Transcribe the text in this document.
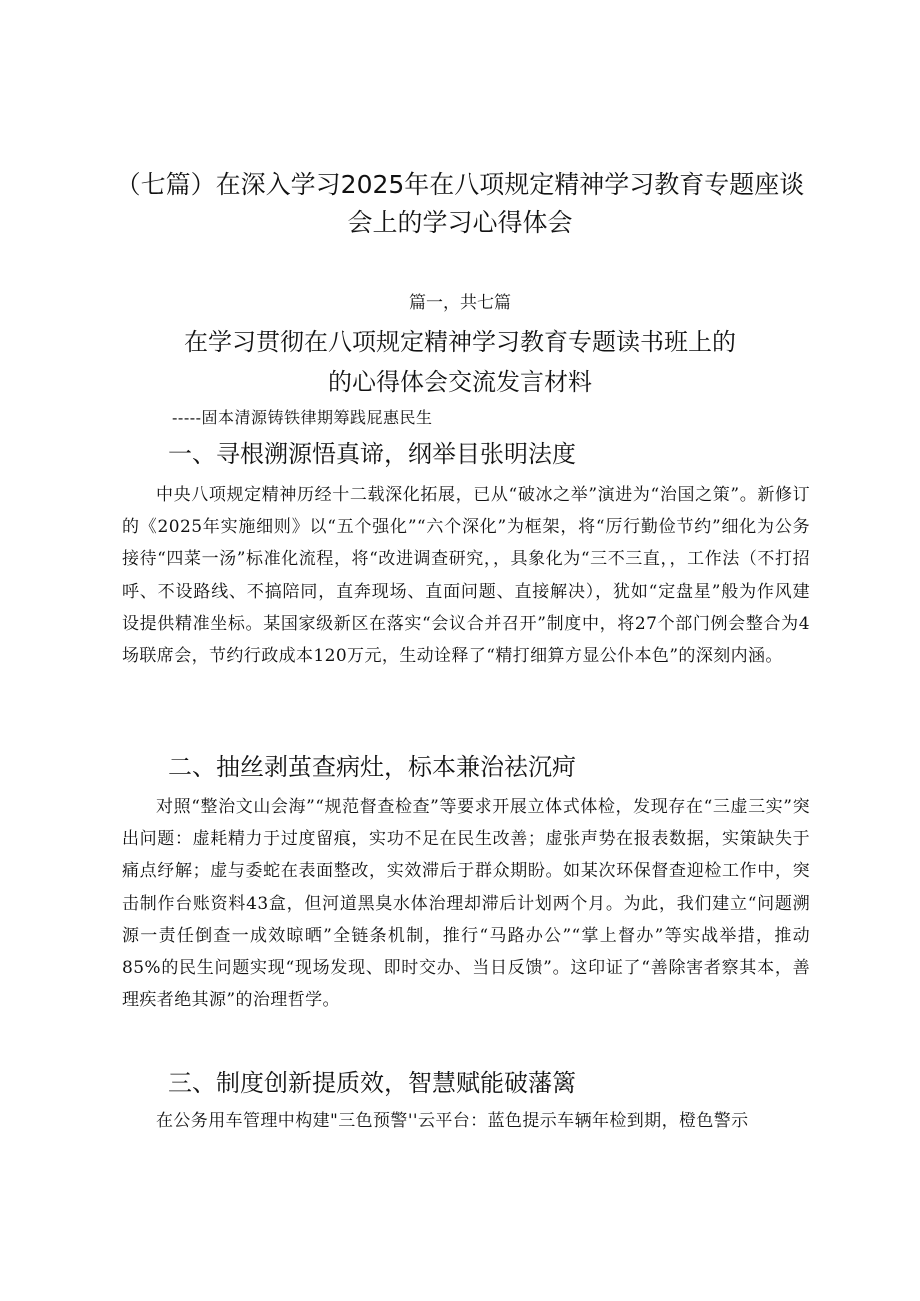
（七篇）在深入学习2025年在八项规定精神学习教育专题座谈
会上的学习心得体会
篇一，共七篇
在学习贯彻在八项规定精神学习教育专题读书班上的
的心得体会交流发言材料
-----固本清源铸铁律期筹践屁惠民生
一、寻根溯源悟真谛，纲举目张明法度
中央八项规定精神历经十二载深化拓展，已从“破冰之举”演进为“治国之策”。新修订的《2025年实施细则》以“五个强化”“六个深化”为框架，将“厉行勤俭节约”细化为公务接待“四菜一汤”标准化流程，将“改进调查研究，，具象化为“三不三直，，工作法（不打招呼、不设路线、不搞陪同，直奔现场、直面问题、直接解决），犹如“定盘星”般为作风建设提供精准坐标。某国家级新区在落实“会议合并召开”制度中，将27个部门例会整合为4场联席会，节约行政成本120万元，生动诠释了“精打细算方显公仆本色”的深刻内涵。
二、抽丝剥茧查病灶，标本兼治祛沉疴
对照“整治文山会海”“规范督查检查”等要求开展立体式体检，发现存在“三虚三实”突出问题：虚耗精力于过度留痕，实功不足在民生改善；虚张声势在报表数据，实策缺失于痛点纾解；虚与委蛇在表面整改，实效滞后于群众期盼。如某次环保督查迎检工作中，突击制作台账资料43盒，但河道黑臭水体治理却滞后计划两个月。为此，我们建立“问题溯源一责任倒查一成效晾晒”全链条机制，推行“马路办公”“掌上督办”等实战举措，推动85%的民生问题实现“现场发现、即时交办、当日反馈”。这印证了“善除害者察其本，善理疾者绝其源”的治理哲学。
三、制度创新提质效，智慧赋能破藩篱
在公务用车管理中构建"三色预警''云平台：蓝色提示车辆年检到期，橙色警示
